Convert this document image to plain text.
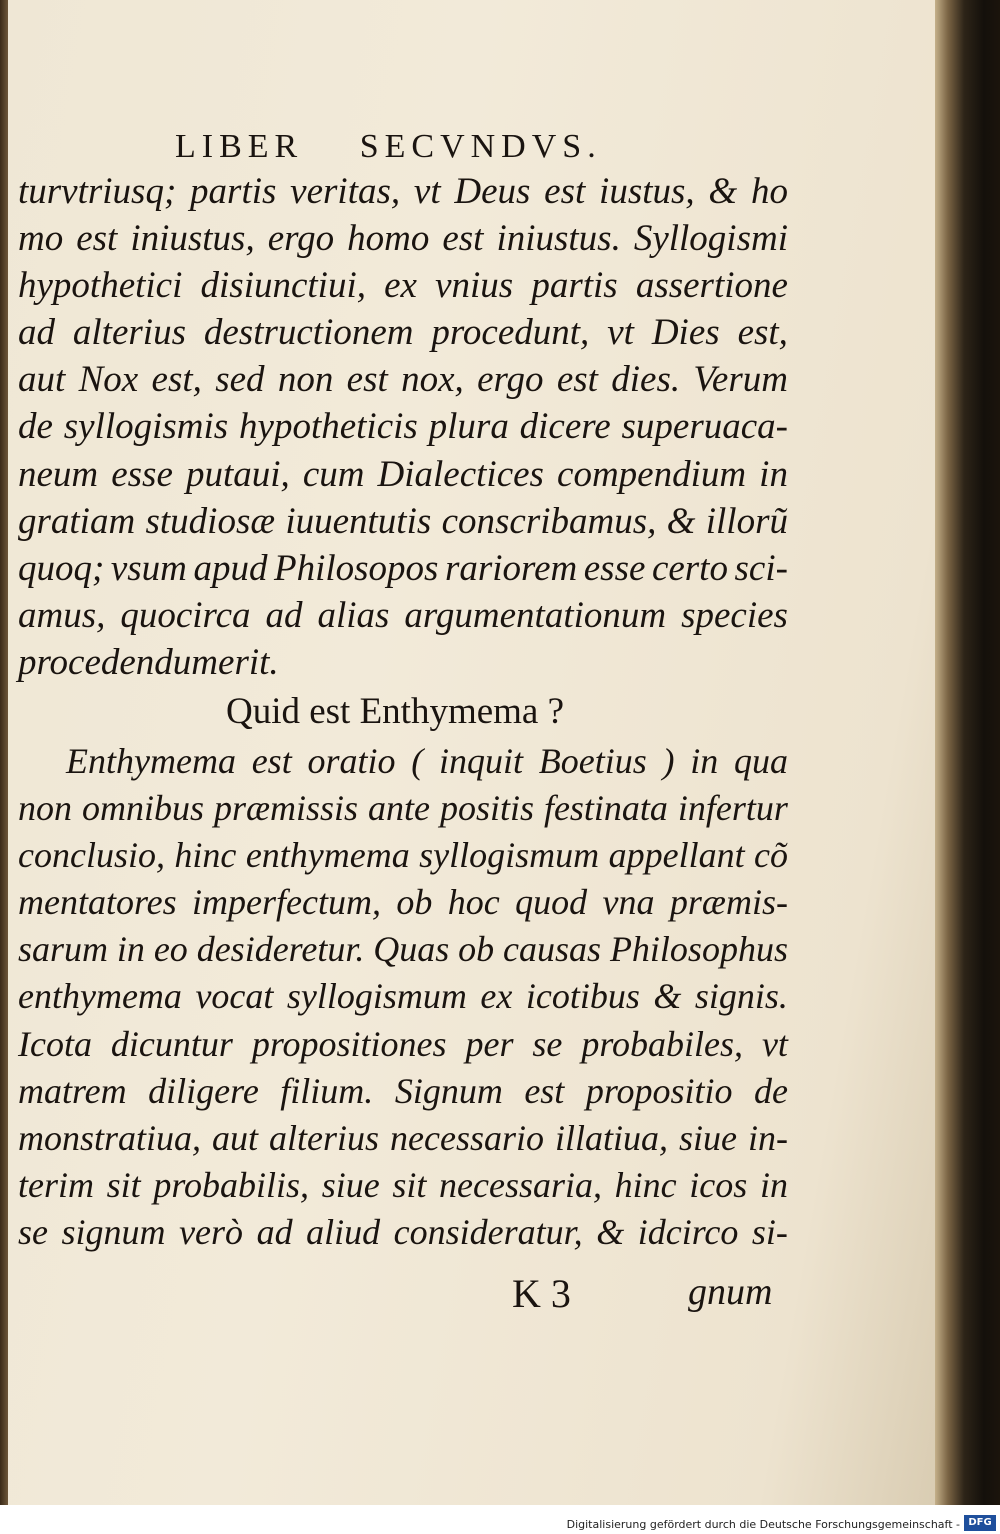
LIBER SECVNDVS.
turvtriusq; partis veritas, vt Deus est iustus, & ho
mo est iniustus, ergo homo est iniustus. Syllogismi
hypothetici disiunctiui, ex vnius partis assertione
ad alterius destructionem procedunt, vt Dies est,
aut Nox est, sed non est nox, ergo est dies. Verum
de syllogismis hypotheticis plura dicere superuaca-
neum esse putaui, cum Dialectices compendium in
gratiam studiosæ iuuentutis conscribamus, & illorũ
quoq; vsum apud Philosopos rariorem esse certo sci-
amus, quocirca ad alias argumentationum species
procedendum erit.
Quid est Enthymema ?
Enthymema est oratio ( inquit Boetius ) in qua
non omnibus præmissis ante positis festinata infertur
conclusio, hinc enthymema syllogismum appellant cõ
mentatores imperfectum, ob hoc quod vna præmis-
sarum in eo desideretur. Quas ob causas Philosophus
enthymema vocat syllogismum ex icotibus & signis.
Icota dicuntur propositiones per se probabiles, vt
matrem diligere filium. Signum est propositio de
monstratiua, aut alterius necessario illatiua, siue in-
terim sit probabilis, siue sit necessaria, hinc icos in
se signum verò ad aliud consideratur, & idcirco si-
K 3	gnum
Digitalisierung gefördert durch die Deutsche Forschungsgemeinschaft - DFG
